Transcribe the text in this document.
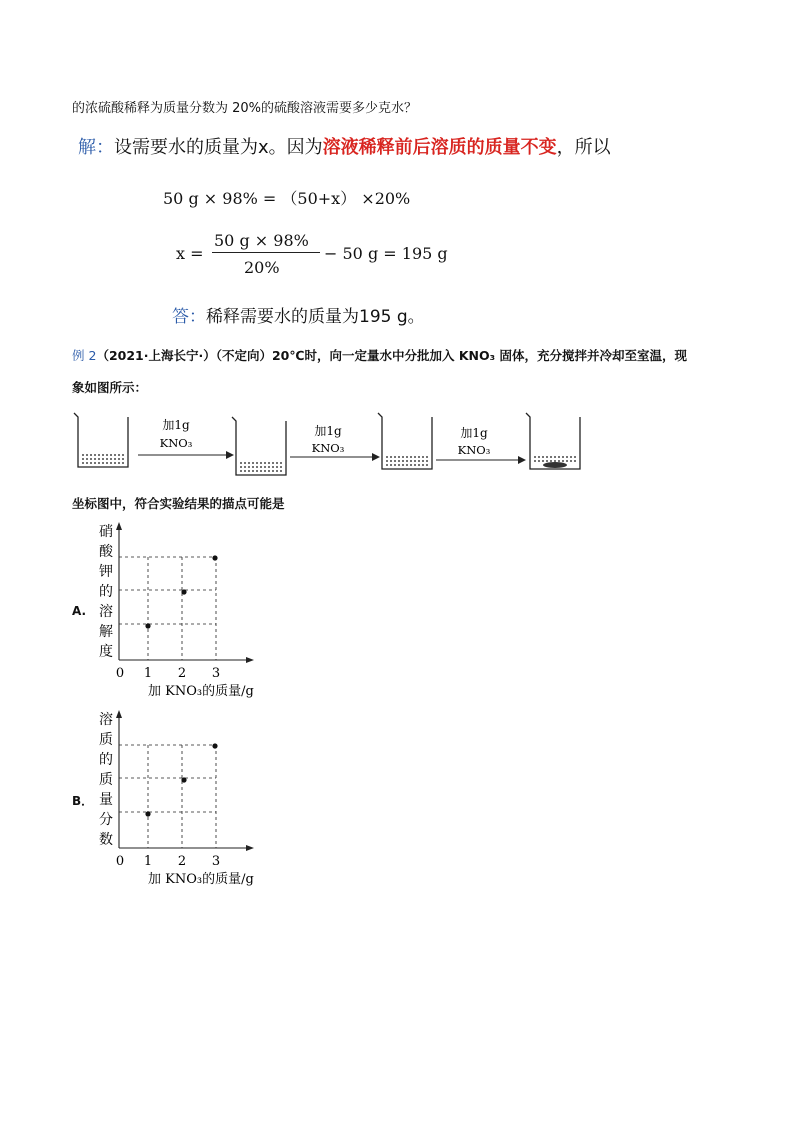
的浓硫酸稀释为质量分数为 20%的硫酸溶液需要多少克水？
解：设需要水的质量为x。因为溶液稀释前后溶质的质量不变，所以
50 g × 98% = （50+x） ×20%
x =
50 g × 98%
20%
− 50 g = 195 g
答：稀释需要水的质量为195 g。
例 2（2021·上海长宁·）（不定向）20℃时，向一定量水中分批加入 KNO₃ 固体，充分搅拌并冷却至室温，现
象如图所示：
加1g
KNO₃
加1g
KNO₃
加1g
KNO₃
坐标图中，符合实验结果的描点可能是
A.
硝
酸
钾
的
溶
解
度
0 1 2 3
加 KNO₃的质量/g
B．
溶
质
的
质
量
分
数
0 1 2 3
加 KNO₃的质量/g
